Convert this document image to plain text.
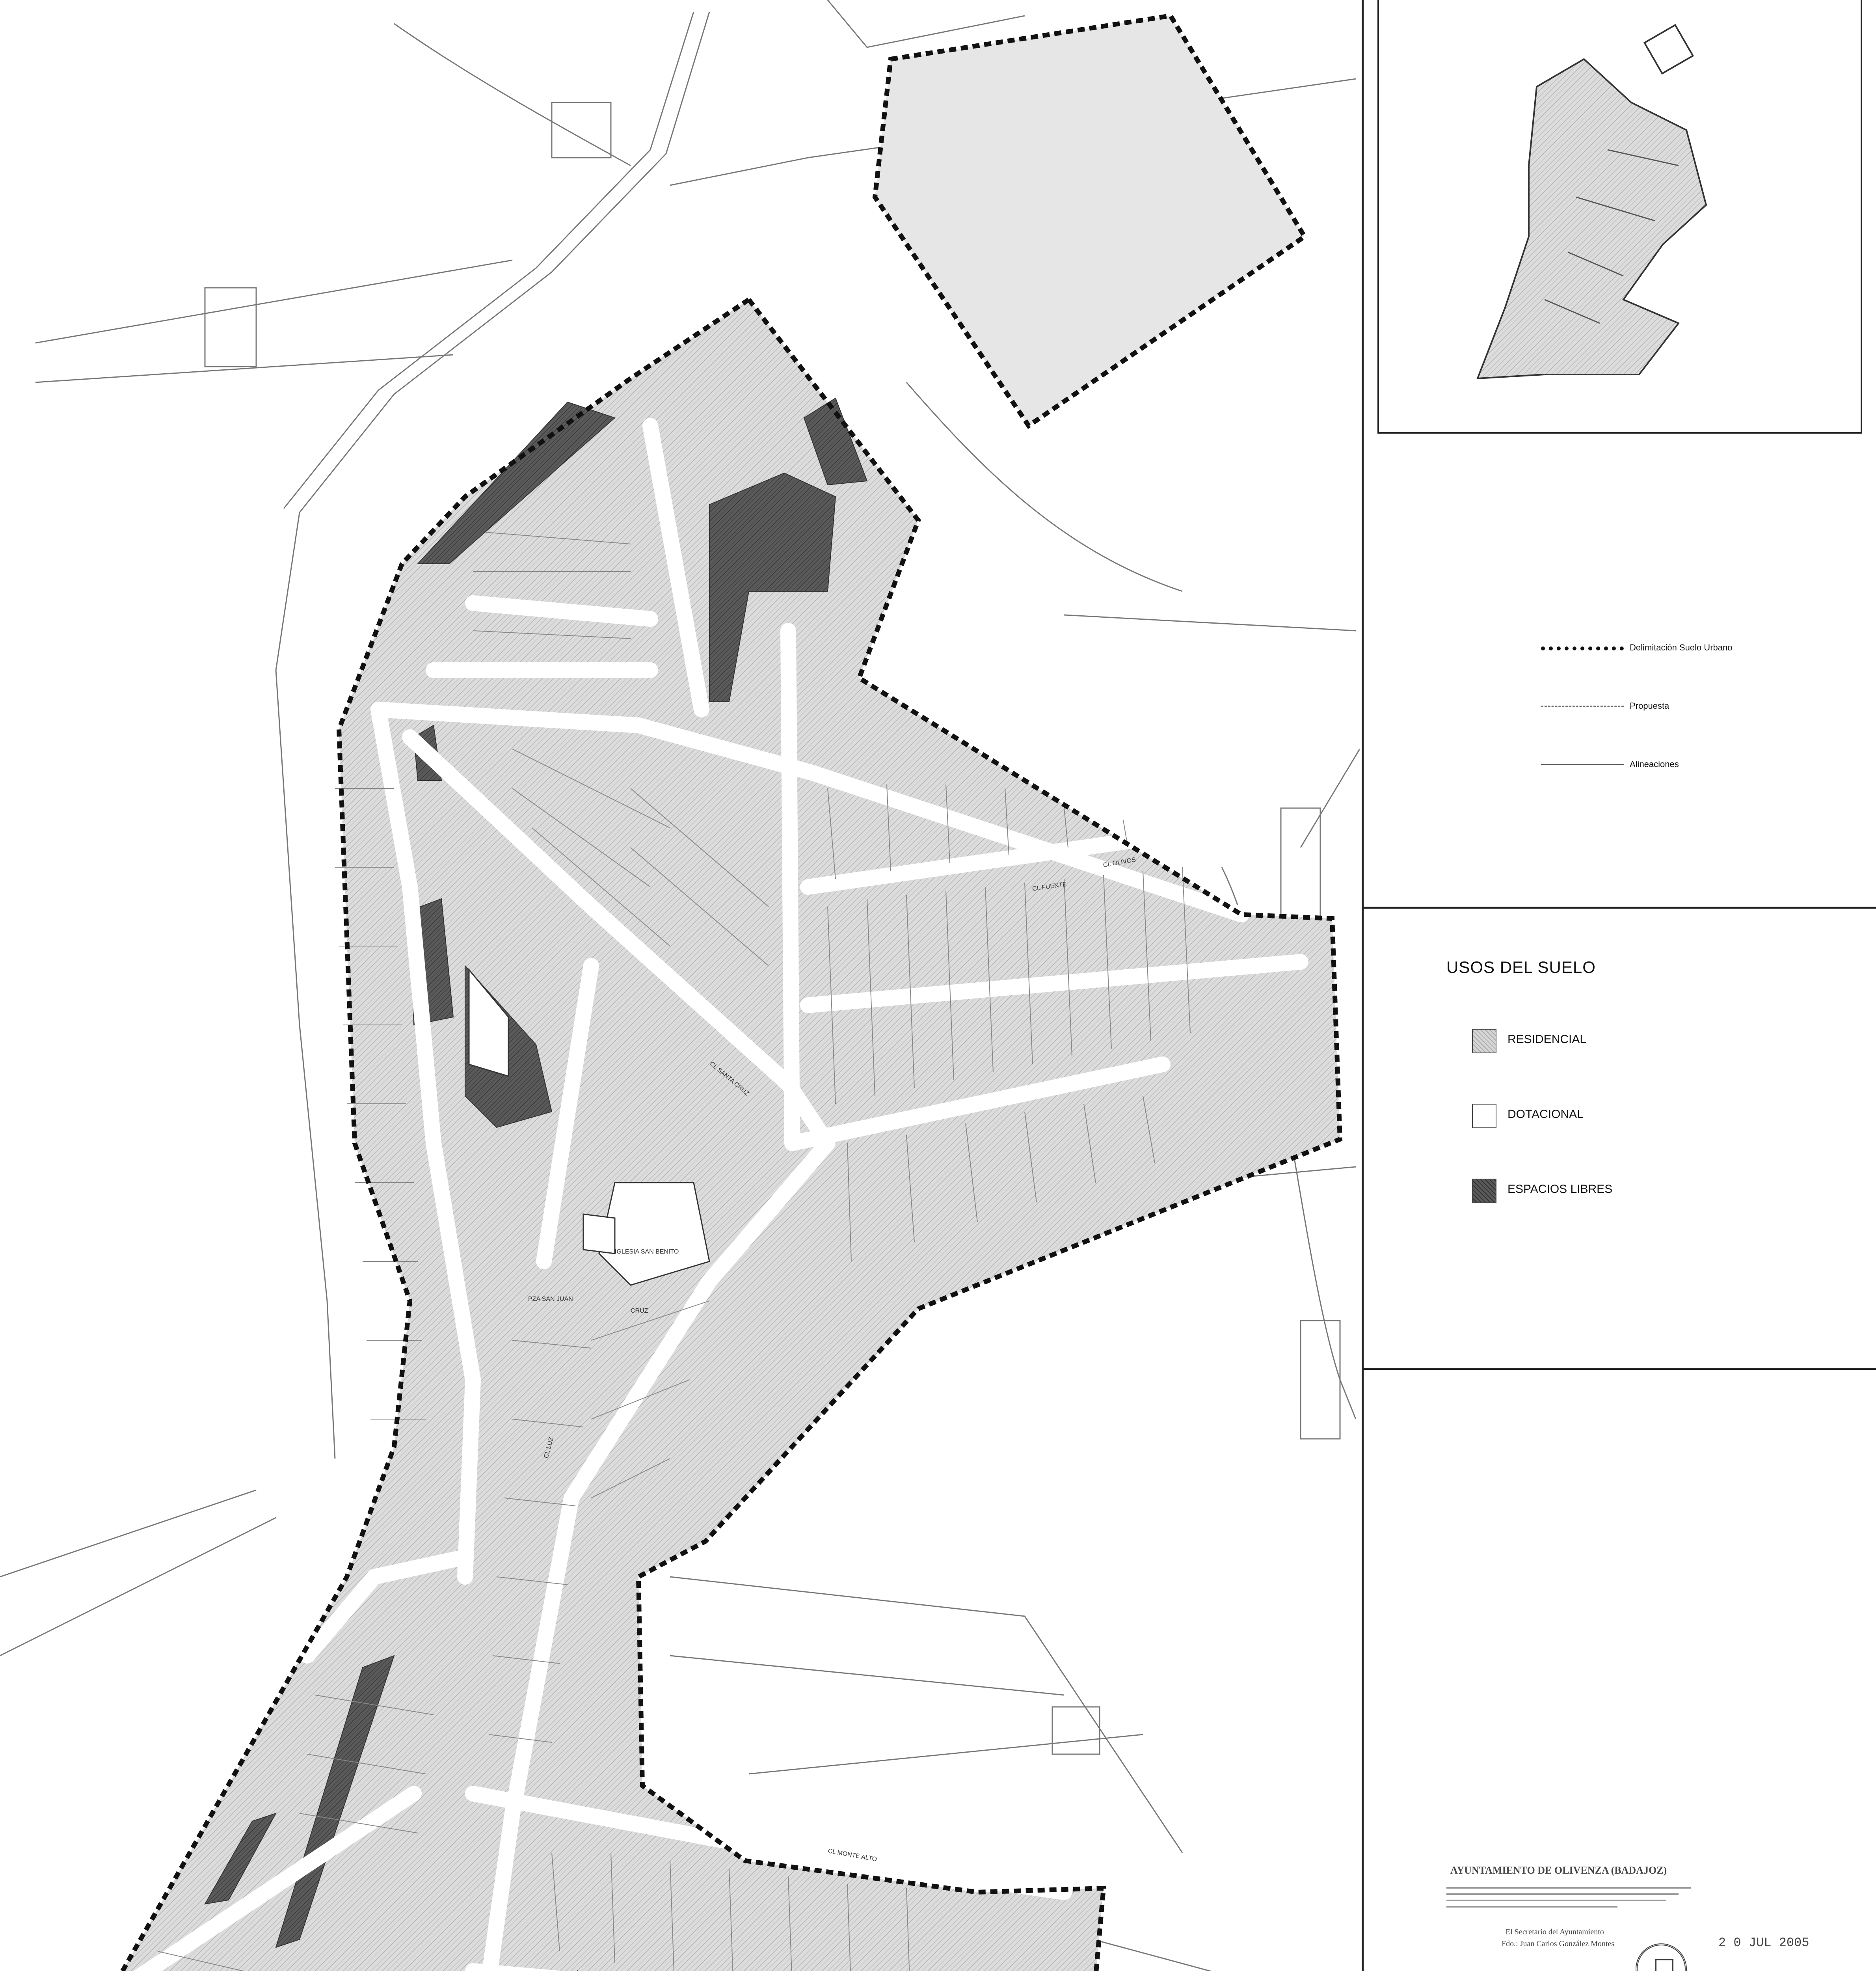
IGLESIA SAN BENITO
PZA SAN JUAN
CRUZ
CL FUENTE
CL OLIVOS
CL MONTE ALTO
CL LUZ
CL SANTA CRUZ
Delimitación Suelo Urbano
Propuesta
Alineaciones
USOS DEL SUELO
RESIDENCIAL
DOTACIONAL
ESPACIOS LIBRES
AYUNTAMIENTO DE OLIVENZA (BADAJOZ)
El Secretario del Ayuntamiento
Fdo.: Juan Carlos González Montes	2 0 JUL 2005
